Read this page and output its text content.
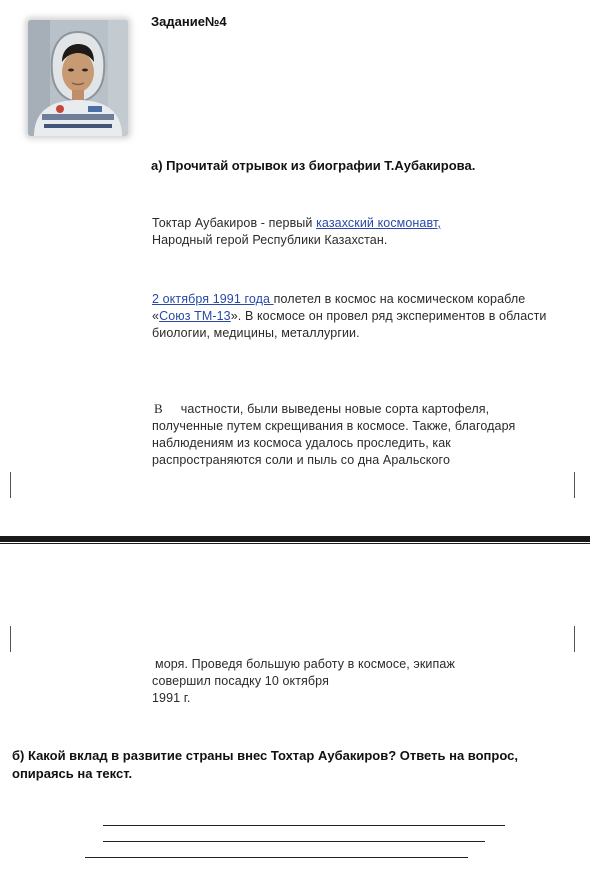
Задание№4
а) Прочитай отрывок из биографии Т.Аубакирова.
Токтар Аубакиров - первый казахский космонавт,
Народный герой Республики Казахстан.
2 октября 1991 года полетел в космос на космическом корабле «Союз ТМ-13». В космосе он провел ряд экспериментов в области биологии, медицины, металлургии.
В частности, были выведены новые сорта картофеля, полученные путем скрещивания в космосе. Также, благодаря наблюдениям из космоса удалось проследить, как распространяются соли и пыль со дна Аральского
моря. Проведя большую работу в космосе, экипаж
совершил посадку 10 октября
1991 г.
б) Какой вклад в развитие страны внес Тохтар Аубакиров? Ответь на вопрос, опираясь на текст.
